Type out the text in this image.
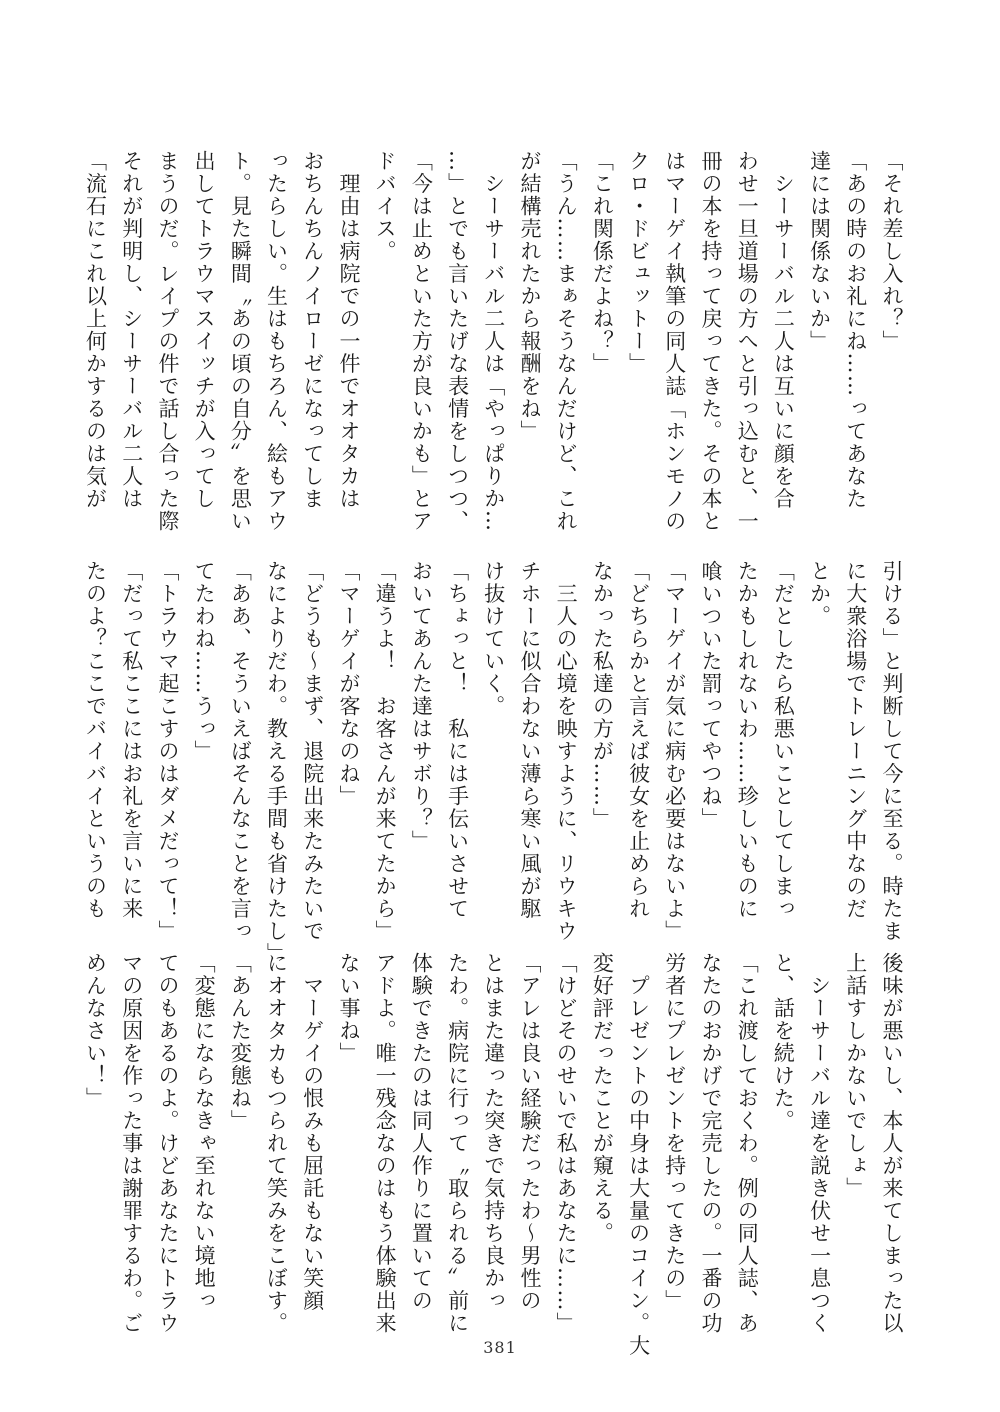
「それ差し入れ？」
「あの時のお礼にね……ってあなた
達には関係ないか」
　シーサーバル二人は互いに顔を合
わせ一旦道場の方へと引っ込むと、一
冊の本を持って戻ってきた。その本と
はマーゲイ執筆の同人誌「ホンモノの
クロ・ドビュットー」
「これ関係だよね？」
「うん……まぁそうなんだけど、これ
が結構売れたから報酬をね」
　シーサーバル二人は「やっぱりか…
…」とでも言いたげな表情をしつつ、
「今は止めといた方が良いかも」とア
ドバイス。
　理由は病院での一件でオオタカは
おちんちんノイローゼになってしま
ったらしい。生はもちろん、絵もアウ
ト。見た瞬間〝あの頃の自分〟を思い
出してトラウマスイッチが入ってし
まうのだ。レイプの件で話し合った際
それが判明し、シーサーバル二人は
「流石にこれ以上何かするのは気が
引ける」と判断して今に至る。時たま
に大衆浴場でトレーニング中なのだ
とか。
「だとしたら私悪いことしてしまっ
たかもしれないわ……珍しいものに
喰いついた罰ってやつね」
「マーゲイが気に病む必要はないよ」
「どちらかと言えば彼女を止められ
なかった私達の方が……」
　三人の心境を映すように、リウキウ
チホーに似合わない薄ら寒い風が駆
け抜けていく。
「ちょっと！　私には手伝いさせて
おいてあんた達はサボり？」
「違うよ！　お客さんが来てたから」
「マーゲイが客なのね」
「どうも〜まず、退院出来たみたいで
なによりだわ。教える手間も省けたし」
「ああ、そういえばそんなことを言っ
てたわね……うっ」
「トラウマ起こすのはダメだって！」
「だって私ここにはお礼を言いに来
たのよ？ここでバイバイというのも
後味が悪いし、本人が来てしまった以
上話すしかないでしょ」
　シーサーバル達を説き伏せ一息つく
と、話を続けた。
「これ渡しておくわ。例の同人誌、あ
なたのおかげで完売したの。一番の功
労者にプレゼントを持ってきたの」
　プレゼントの中身は大量のコイン。大
変好評だったことが窺える。
「けどそのせいで私はあなたに……」
「アレは良い経験だったわ〜男性の
とはまた違った突きで気持ち良かっ
たわ。病院に行って〝取られる〟前に
体験できたのは同人作りに置いての
アドよ。唯一残念なのはもう体験出来
ない事ね」
　マーゲイの恨みも屈託もない笑顔
にオオタカもつられて笑みをこぼす。
「あんた変態ね」
「変態にならなきゃ至れない境地っ
てのもあるのよ。けどあなたにトラウ
マの原因を作った事は謝罪するわ。ご
めんなさい！」
381
